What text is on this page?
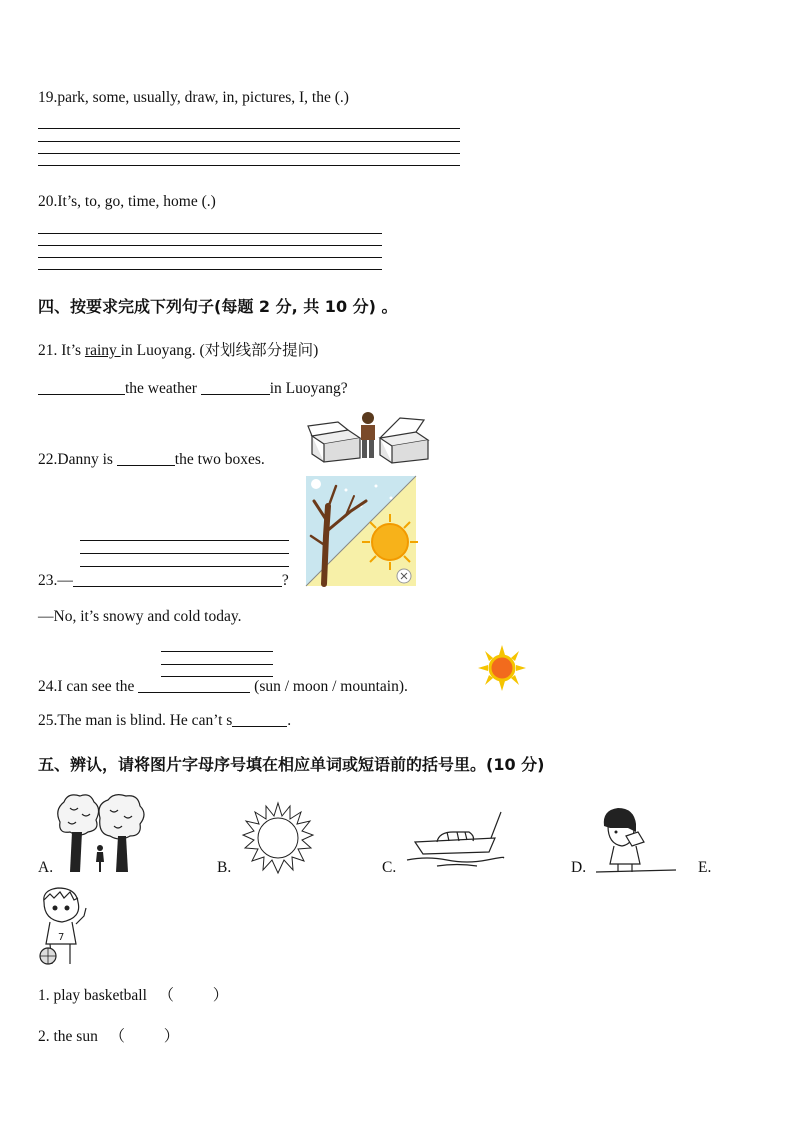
19.park, some, usually, draw, in, pictures, I, the (.)
20.It’s, to, go, time, home (.)
四、按要求完成下列句子(每题 2 分, 共 10 分) 。
21. It’s rainy in Luoyang. (对划线部分提问)
the weather	in Luoyang?
22.Danny is	the two boxes.
23.—	?
—No, it’s snowy and cold today.
24.I can see the	(sun / moon / mountain).
25.The man is blind. He can’t s	.
五、辨认，请将图片字母序号填在相应单词或短语前的括号里。(10 分)
A.	B.	C.	D.	E.
7
1. play basketball   （          ）
2. the sun   （          ）
